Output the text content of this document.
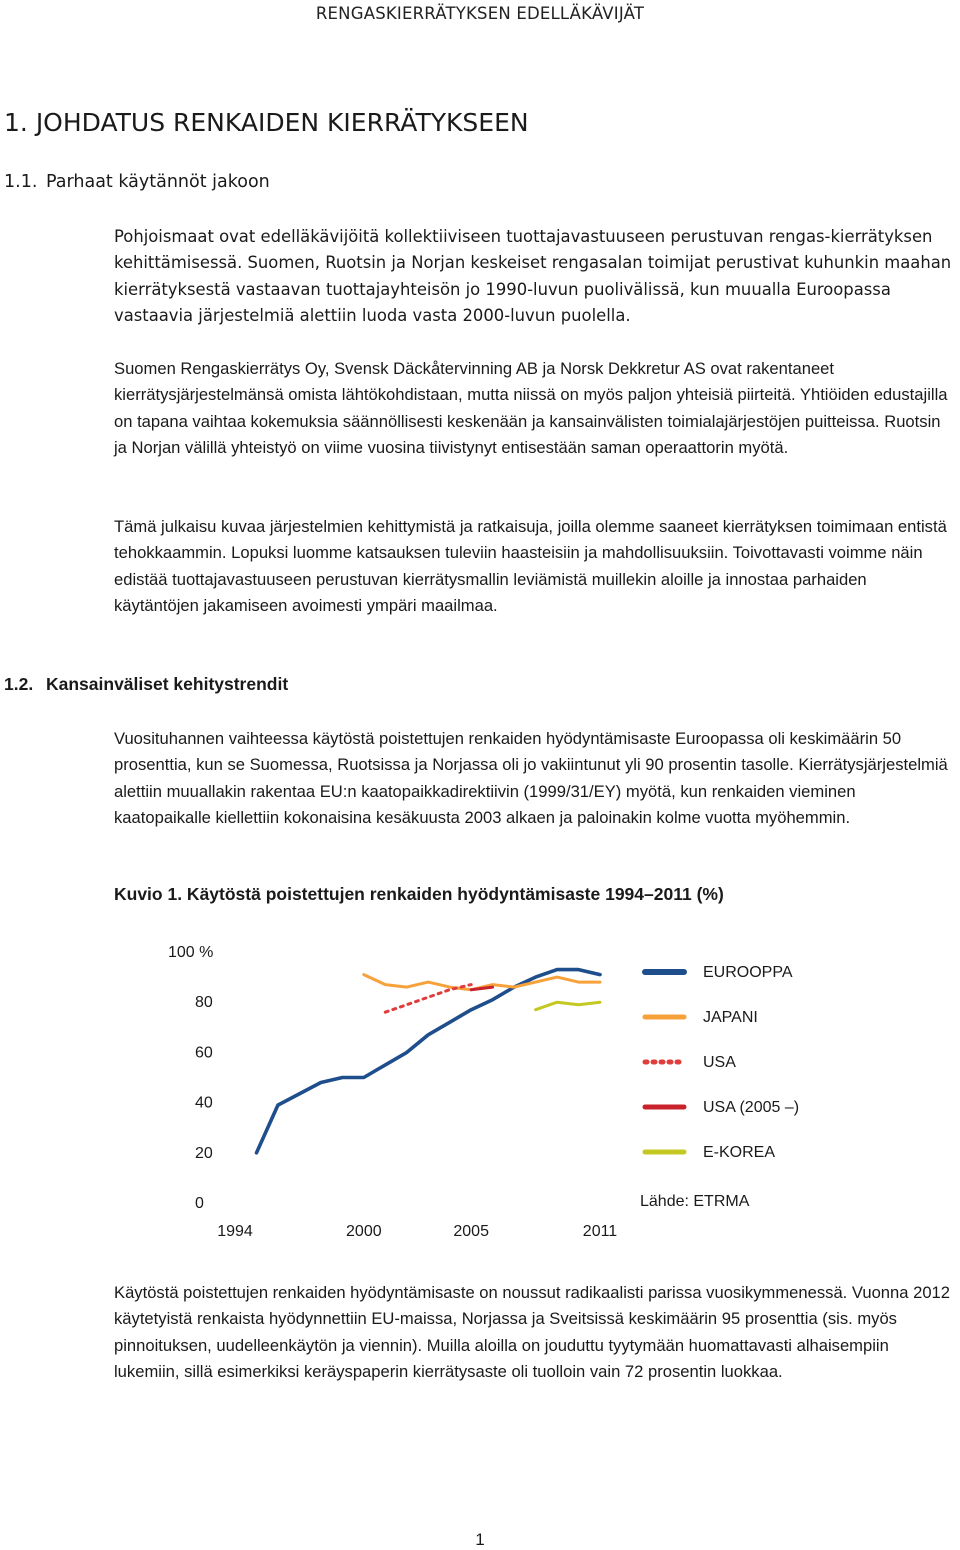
RENGASKIERRÄTYKSEN EDELLÄKÄVIJÄT
1. JOHDATUS RENKAIDEN KIERRÄTYKSEEN
1.1. Parhaat käytännöt jakoon

Pohjoismaat ovat edelläkävijöitä kollektiiviseen tuottajavastuuseen perustuvan rengas-kierrätyksen kehittämisessä. Suomen, Ruotsin ja Norjan keskeiset rengasalan toimijat perustivat kuhunkin maahan kierrätyksestä vastaavan tuottajayhteisön jo 1990-luvun puolivälissä, kun muualla Euroopassa vastaavia järjestelmiä alettiin luoda vasta 2000-luvun puolella.

Suomen Rengaskierrätys Oy, Svensk Däckåtervinning AB ja Norsk Dekkretur AS ovat rakentaneet kierrätysjärjestelmänsä omista lähtökohdistaan, mutta niissä on myös paljon yhteisiä piirteitä. Yhtiöiden edustajilla on tapana vaihtaa kokemuksia säännöllisesti keskenään ja kansainvälisten toimialajärjestöjen puitteissa. Ruotsin ja Norjan välillä yhteistyö on viime vuosina tiivistynyt entisestään saman operaattorin myötä.

Tämä julkaisu kuvaa järjestelmien kehittymistä ja ratkaisuja, joilla olemme saaneet kierrätyksen toimimaan entistä tehokkaammin. Lopuksi luomme katsauksen tuleviin haasteisiin ja mahdollisuuksiin. Toivottavasti voimme näin edistää tuottajavastuuseen perustuvan kierrätysmallin leviämistä muillekin aloille ja innostaa parhaiden käytäntöjen jakamiseen avoimesti ympäri maailmaa.

1.2. Kansainväliset kehitystrendit

Vuosituhannen vaihteessa käytöstä poistettujen renkaiden hyödyntämisaste Euroopassa oli keskimäärin 50 prosenttia, kun se Suomessa, Ruotsissa ja Norjassa oli jo vakiintunut yli 90 prosentin tasolle. Kierrätysjärjestelmiä alettiin muuallakin rakentaa EU:n kaatopaikkadirektiivin (1999/31/EY) myötä, kun renkaiden vieminen kaatopaikalle kiellettiin kokonaisina kesäkuusta 2003 alkaen ja paloinakin kolme vuotta myöhemmin.

Kuvio 1. Käytöstä poistettujen renkaiden hyödyntämisaste 1994–2011 (%)

100 %
80
60
40
20
0
1994	2000	2005	2011
EUROOPPA
JAPANI
USA
USA (2005 –)
E-KOREA
Lähde: ETRMA

Käytöstä poistettujen renkaiden hyödyntämisaste on noussut radikaalisti parissa vuosikymmenessä. Vuonna 2012 käytetyistä renkaista hyödynnettiin EU-maissa, Norjassa ja Sveitsissä keskimäärin 95 prosenttia (sis. myös pinnoituksen, uudelleenkäytön ja viennin). Muilla aloilla on jouduttu tyytymään huomattavasti alhaisempiin lukemiin, sillä esimerkiksi keräyspaperin kierrätysaste oli tuolloin vain 72 prosentin luokkaa.

1
